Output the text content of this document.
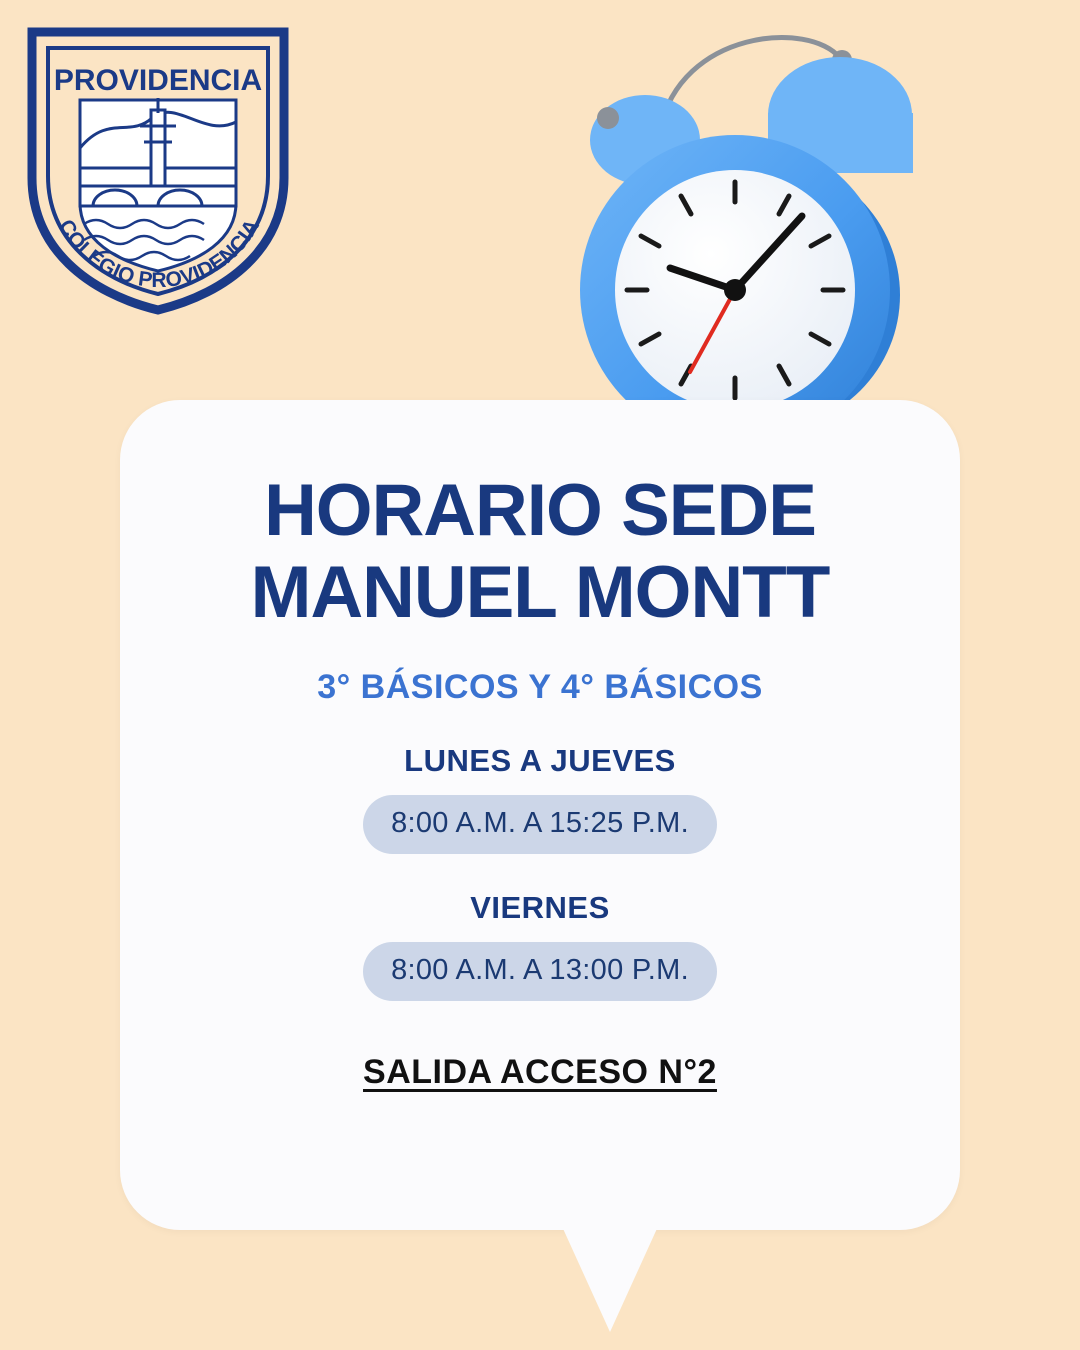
PROVIDENCIA
COLEGIO PROVIDENCIA
HORARIO SEDE
MANUEL MONTT
3° BÁSICOS Y 4° BÁSICOS
LUNES A JUEVES
8:00 A.M. A 15:25 P.M.
VIERNES
8:00 A.M. A 13:00 P.M.
SALIDA ACCESO N°2
